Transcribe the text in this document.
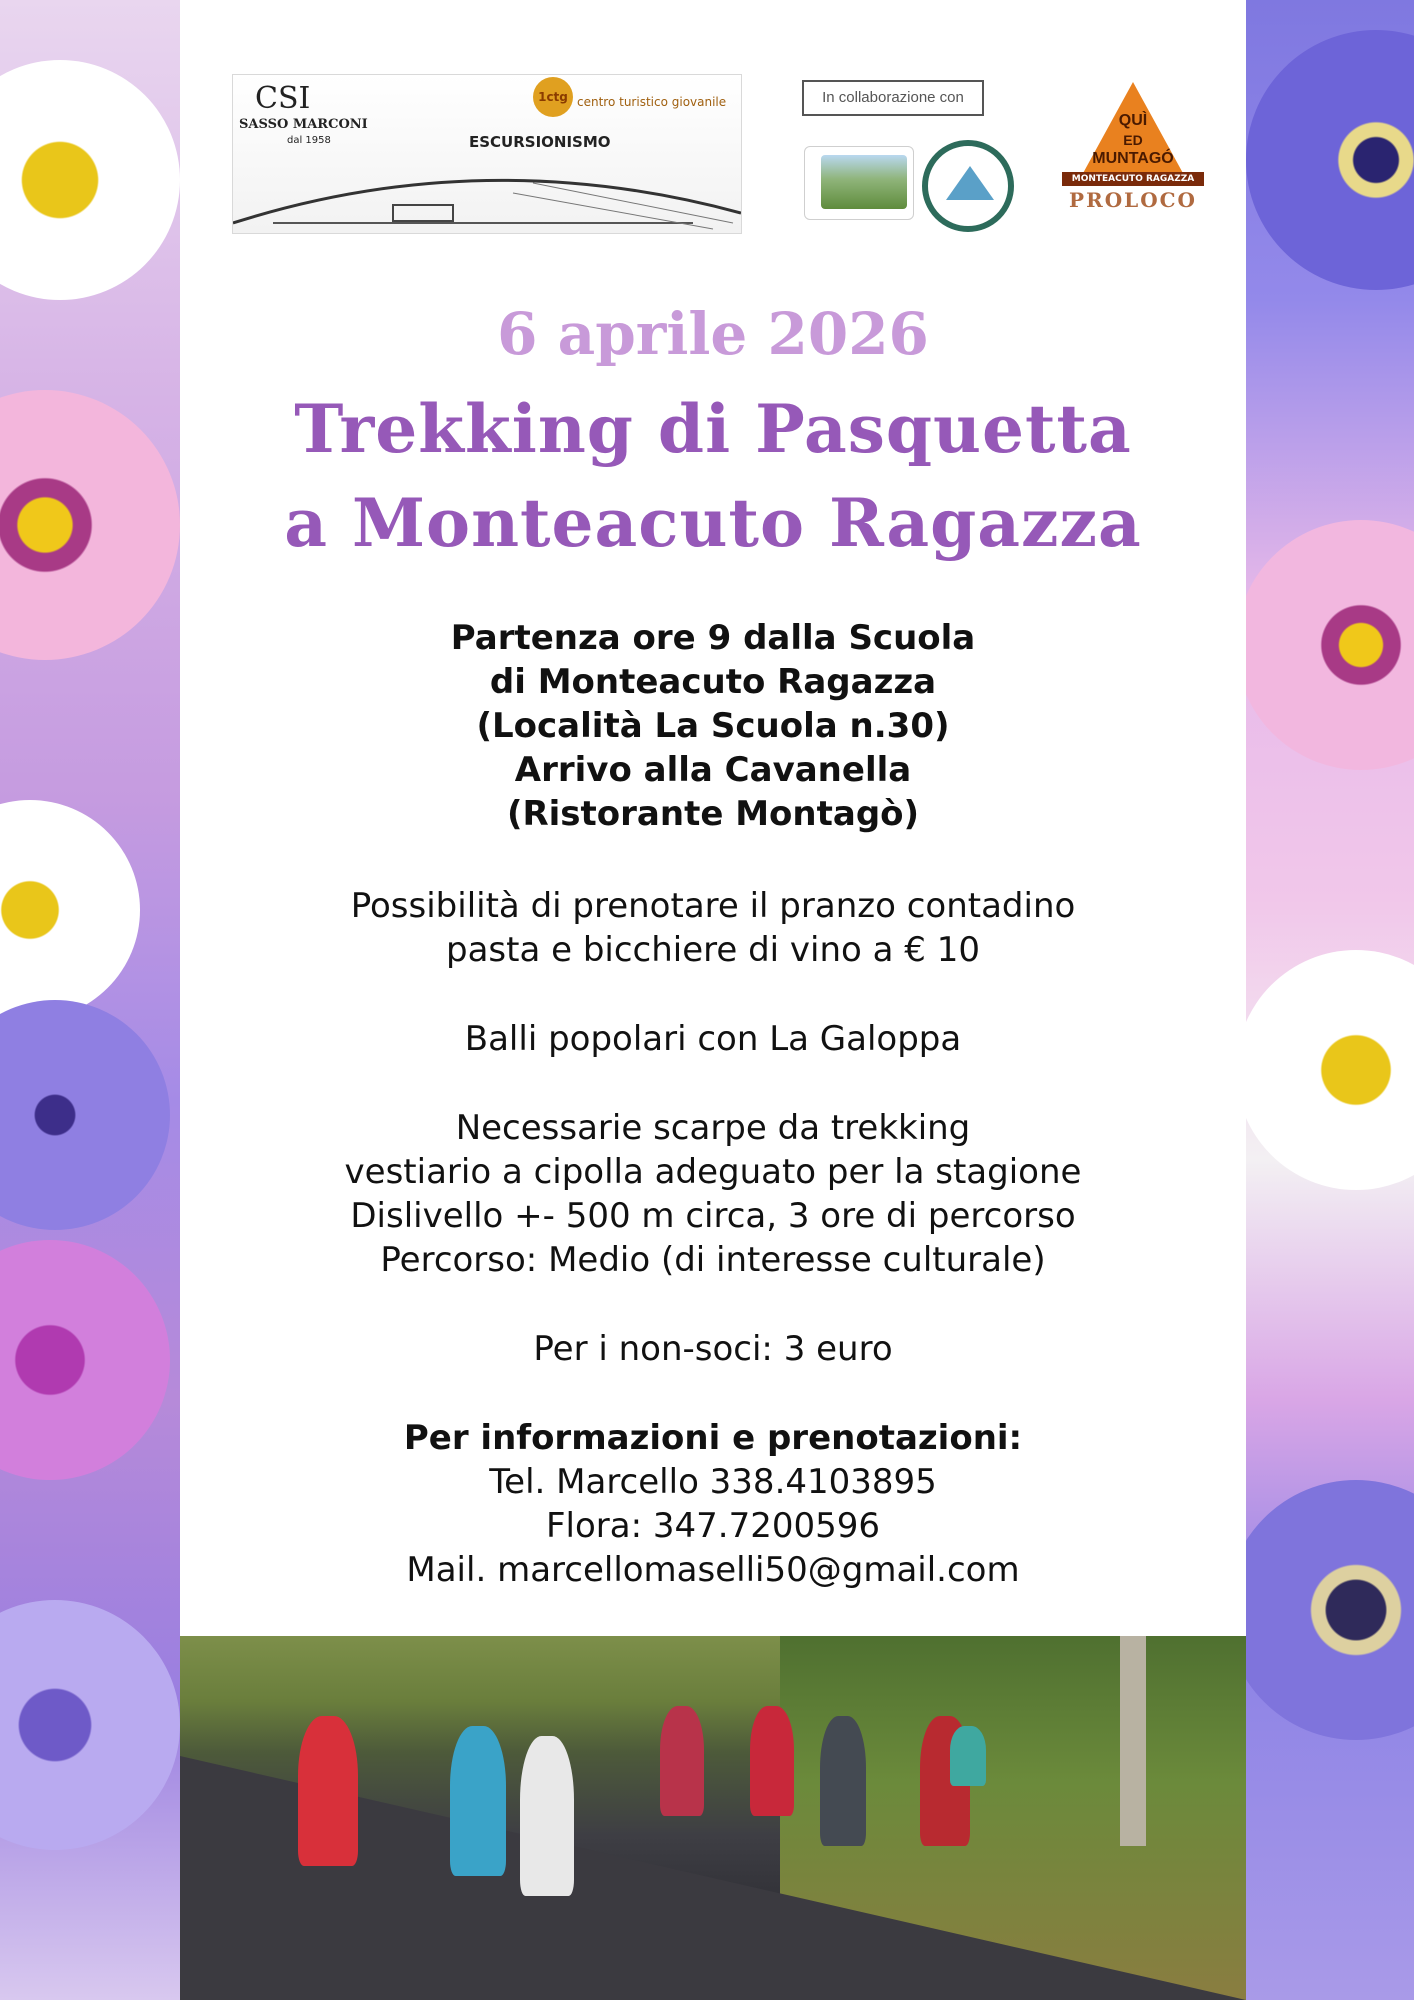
CSI
SASSO MARCONI
dal 1958
1ctg centro turistico giovanile
ESCURSIONISMO
In collaborazione con
QUÌ
ED
MUNTAGÓ
MONTEACUTO RAGAZZA
PROLOCO
6 aprile 2026
Trekking di Pasquetta
a Monteacuto Ragazza
Partenza ore 9 dalla Scuola
di Monteacuto Ragazza
(Località La Scuola n.30)
Arrivo alla Cavanella
(Ristorante Montagò)
Possibilità di prenotare il pranzo contadino
pasta e bicchiere di vino a € 10
Balli popolari con La Galoppa
Necessarie scarpe da trekking
vestiario a cipolla adeguato per la stagione
Dislivello +- 500 m circa, 3 ore di percorso
Percorso: Medio (di interesse culturale)
Per i non-soci: 3 euro
Per informazioni e prenotazioni:
Tel. Marcello 338.4103895
Flora: 347.7200596
Mail. marcellomaselli50@gmail.com
